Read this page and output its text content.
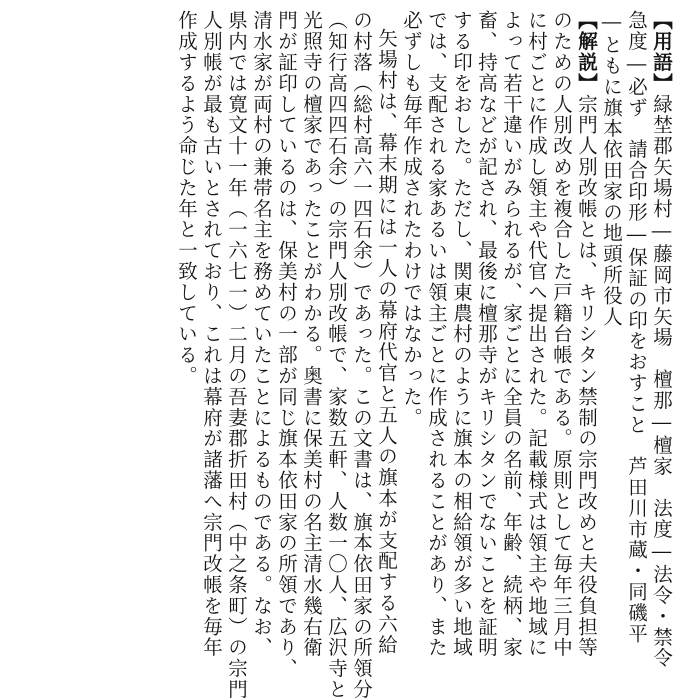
【用語】緑埜郡矢場村―藤岡市矢場　檀那―檀家　法度―法令・禁令
急度―必ず　請合印形―保証の印をおすこと　芦田川市蔵・同磯平
―ともに旗本依田家の地頭所役人
【解説】宗門人別改帳とは、キリシタン禁制の宗門改めと夫役負担等
のための人別改めを複合した戸籍台帳である。原則として毎年三月中
に村ごとに作成し領主や代官へ提出された。記載様式は領主や地域に
よって若干違いがみられるが、家ごとに全員の名前、年齢、続柄、家
畜、持高などが記され、最後に檀那寺がキリシタンでないことを証明
する印をおした。ただし、関東農村のように旗本の相給領が多い地域
では、支配される家あるいは領主ごとに作成されることがあり、また
必ずしも毎年作成されたわけではなかった。
矢場村は、幕末期には一人の幕府代官と五人の旗本が支配する六給
の村落（総村高六一四石余）であった。この文書は、旗本依田家の所領分
（知行高四四石余）の宗門人別改帳で、家数五軒、人数一〇人、広沢寺と
光照寺の檀家であったことがわかる。奥書に保美村の名主清水幾右衛
門が証印しているのは、保美村の一部が同じ旗本依田家の所領であり、
清水家が両村の兼帯名主を務めていたことによるものである。なお、
県内では寛文十一年（一六七一）二月の吾妻郡折田村（中之条町）の宗門
人別帳が最も古いとされており、これは幕府が諸藩へ宗門改帳を毎年
作成するよう命じた年と一致している。
